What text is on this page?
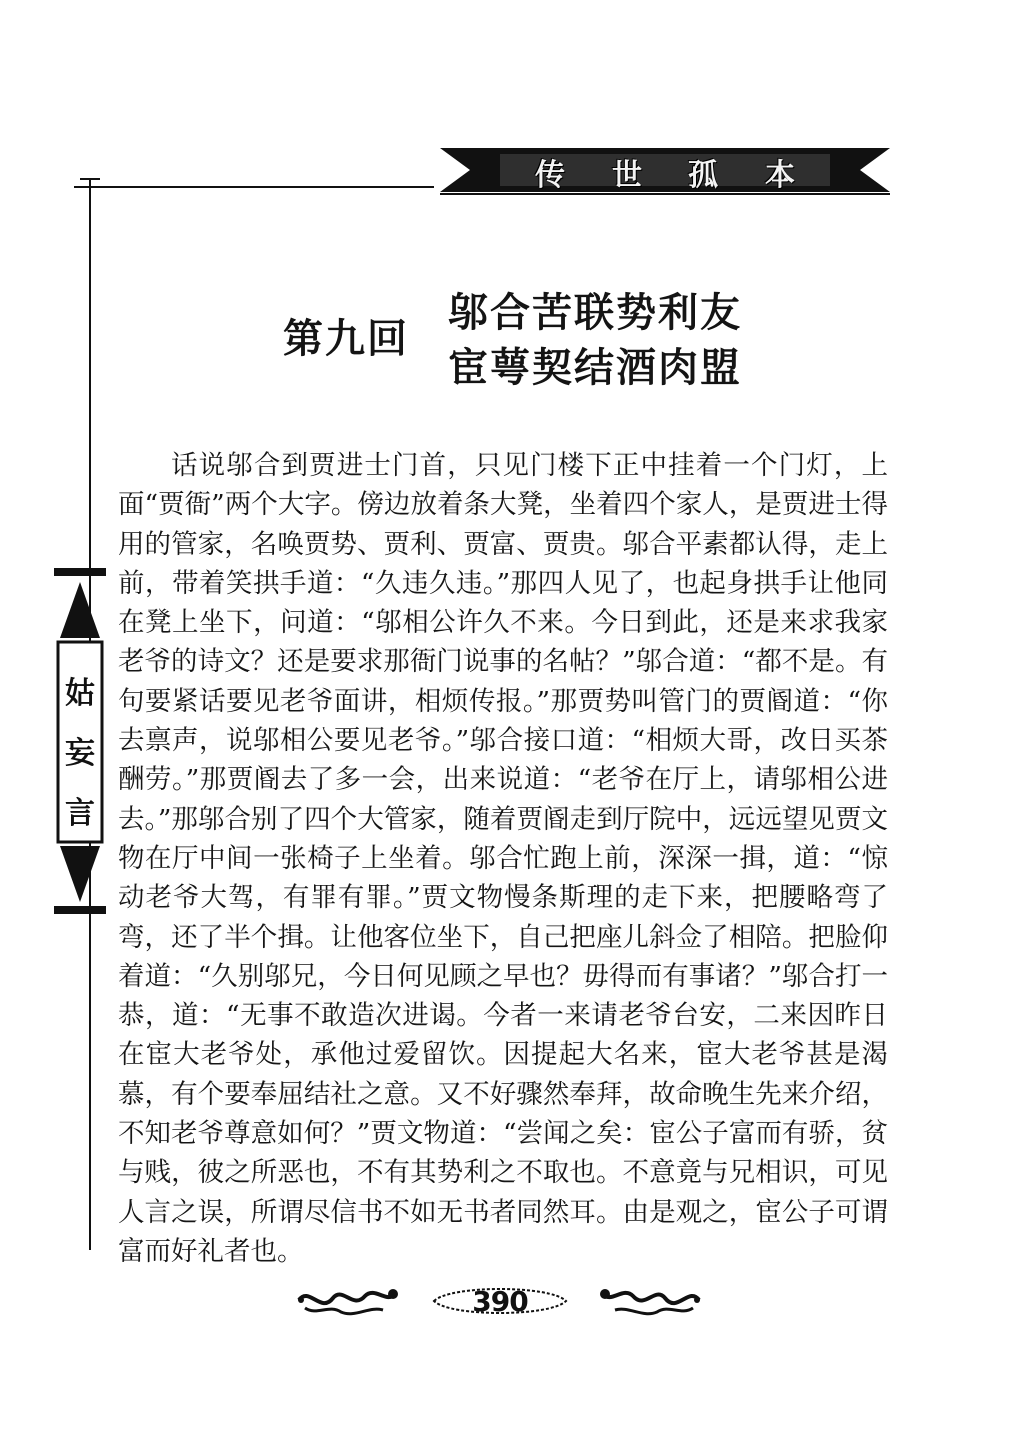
传 世 孤 本
姑
妄
言
第九回
邬合苦联势利友
宦萼契结酒肉盟

话说邬合到贾进士门首，只见门楼下正中挂着一个门灯，上面“贾衙”两个大字。傍边放着条大凳，坐着四个家人，是贾进士得用的管家，名唤贾势、贾利、贾富、贾贵。邬合平素都认得，走上前，带着笑拱手道：“久违久违。”那四人见了，也起身拱手让他同在凳上坐下，问道：“邬相公许久不来。今日到此，还是来求我家老爷的诗文？还是要求那衙门说事的名帖？”邬合道：“都不是。有句要紧话要见老爷面讲，相烦传报。”那贾势叫管门的贾阍道：“你去禀声，说邬相公要见老爷。”邬合接口道：“相烦大哥，改日买茶酬劳。”那贾阍去了多一会，出来说道：“老爷在厅上，请邬相公进去。”那邬合别了四个大管家，随着贾阍走到厅院中，远远望见贾文物在厅中间一张椅子上坐着。邬合忙跑上前，深深一揖，道：“惊动老爷大驾，有罪有罪。”贾文物慢条斯理的走下来，把腰略弯了弯，还了半个揖。让他客位坐下，自己把座儿斜佥了相陪。把脸仰着道：“久别邬兄，今日何见顾之早也？毋得而有事诸？”邬合打一恭，道：“无事不敢造次进谒。今者一来请老爷台安，二来因昨日在宦大老爷处，承他过爱留饮。因提起大名来，宦大老爷甚是渴慕，有个要奉屈结社之意。又不好骤然奉拜，故命晚生先来介绍，不知老爷尊意如何？”贾文物道：“尝闻之矣：宦公子富而有骄，贫与贱，彼之所恶也，不有其势利之不取也。不意竟与兄相识，可见人言之误，所谓尽信书不如无书者同然耳。由是观之，宦公子可谓富而好礼者也。

390
